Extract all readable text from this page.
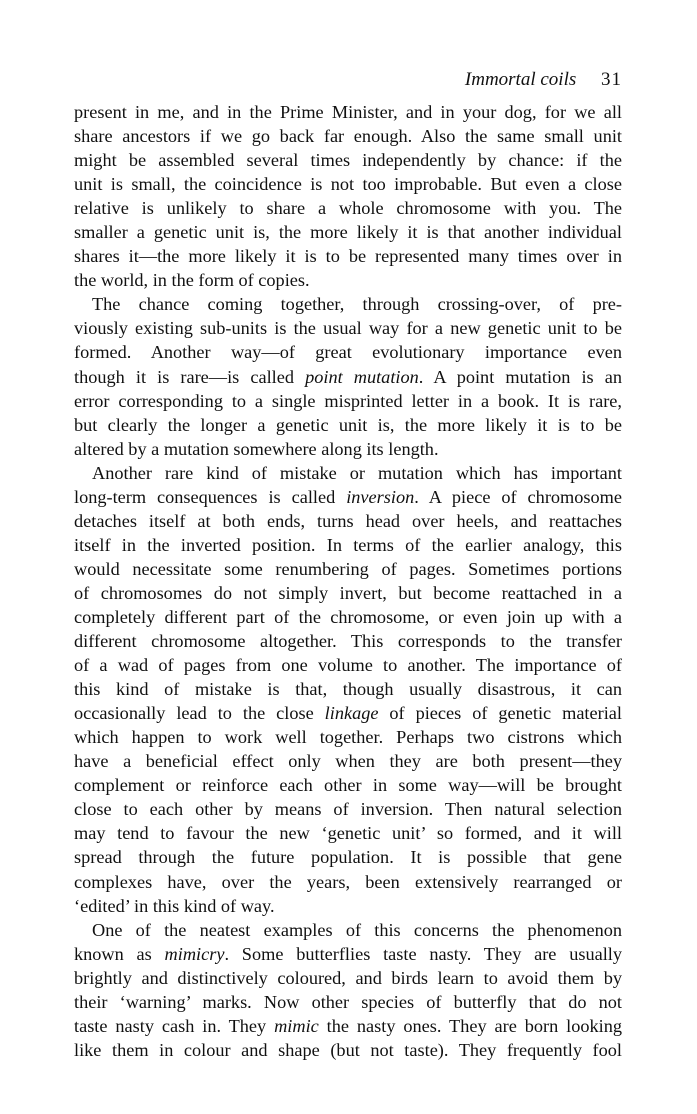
Immortal coils 31
present in me, and in the Prime Minister, and in your dog, for we all
share ancestors if we go back far enough. Also the same small unit
might be assembled several times independently by chance: if the
unit is small, the coincidence is not too improbable. But even a close
relative is unlikely to share a whole chromosome with you. The
smaller a genetic unit is, the more likely it is that another individual
shares it—the more likely it is to be represented many times over in
the world, in the form of copies.
The chance coming together, through crossing-over, of pre-
viously existing sub-units is the usual way for a new genetic unit to be
formed. Another way—of great evolutionary importance even
though it is rare—is called point mutation. A point mutation is an
error corresponding to a single misprinted letter in a book. It is rare,
but clearly the longer a genetic unit is, the more likely it is to be
altered by a mutation somewhere along its length.
Another rare kind of mistake or mutation which has important
long-term consequences is called inversion. A piece of chromosome
detaches itself at both ends, turns head over heels, and reattaches
itself in the inverted position. In terms of the earlier analogy, this
would necessitate some renumbering of pages. Sometimes portions
of chromosomes do not simply invert, but become reattached in a
completely different part of the chromosome, or even join up with a
different chromosome altogether. This corresponds to the transfer
of a wad of pages from one volume to another. The importance of
this kind of mistake is that, though usually disastrous, it can
occasionally lead to the close linkage of pieces of genetic material
which happen to work well together. Perhaps two cistrons which
have a beneficial effect only when they are both present—they
complement or reinforce each other in some way—will be brought
close to each other by means of inversion. Then natural selection
may tend to favour the new ‘genetic unit’ so formed, and it will
spread through the future population. It is possible that gene
complexes have, over the years, been extensively rearranged or
‘edited’ in this kind of way.
One of the neatest examples of this concerns the phenomenon
known as mimicry. Some butterflies taste nasty. They are usually
brightly and distinctively coloured, and birds learn to avoid them by
their ‘warning’ marks. Now other species of butterfly that do not
taste nasty cash in. They mimic the nasty ones. They are born looking
like them in colour and shape (but not taste). They frequently fool
